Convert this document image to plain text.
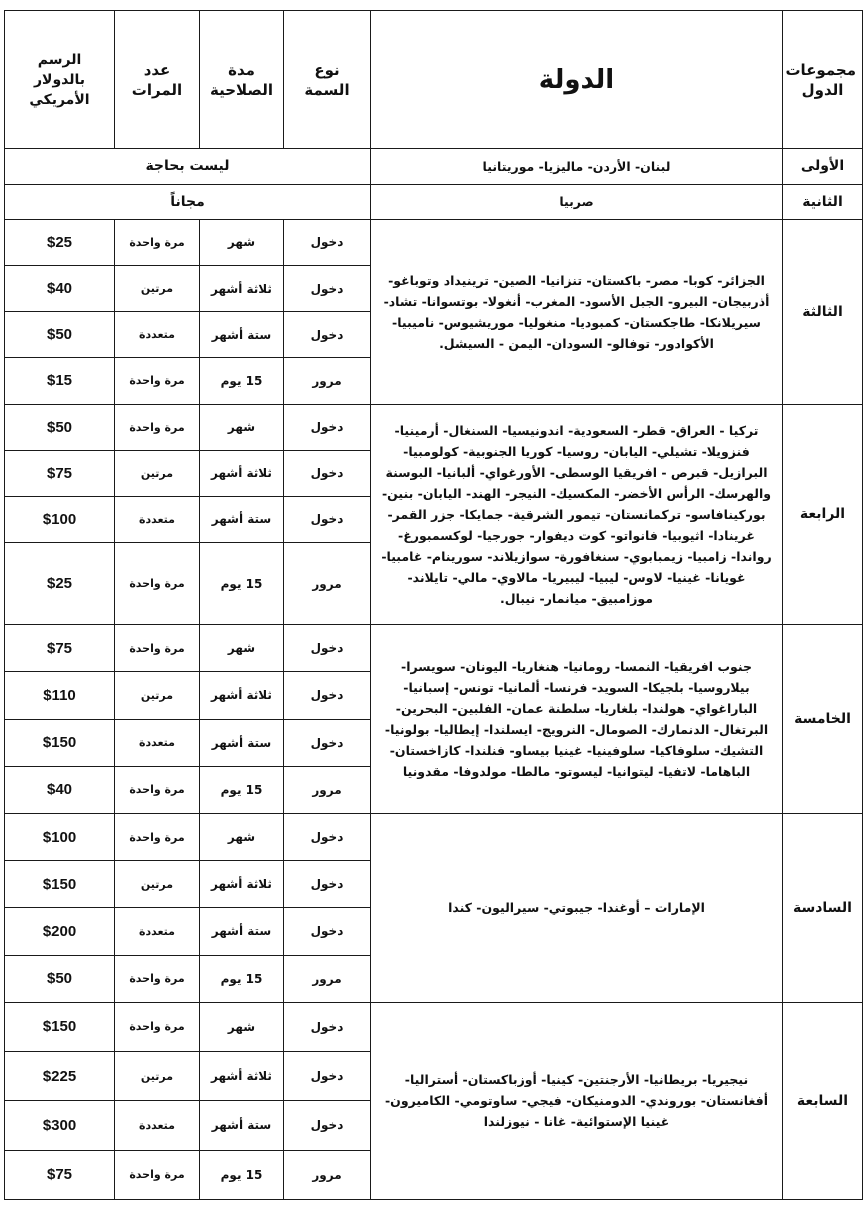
مجموعات الدول	الدولة	نوع السمة	مدة الصلاحية	عدد المرات	الرسم بالدولار الأمريكي
الأولى	لبنان- الأردن- ماليزيا- موريتانيا	ليست بحاجة			
الثانية	صربيا	مجاناً			
الثالثة	الجزائر- كوبا- مصر- باكستان- تنزانيا- الصين- ترينيداد وتوباغو- أذربيجان- البيرو- الجبل الأسود- المغرب- أنغولا- بوتسوانا- تشاد- سيريلانكا- طاجكستان- كمبوديا- منغوليا- موريشيوس- ناميبيا- الأكوادور- توفالو- السودان- اليمن - السيشل.	دخول	شهر	مرة واحدة	$25
		دخول	ثلاثة أشهر	مرتين	$40
		دخول	ستة أشهر	متعددة	$50
		مرور	15 يوم	مرة واحدة	$15
الرابعة	تركيا - العراق- قطر- السعودية- اندونيسيا- السنغال- أرمينيا- فنزويلا- تشيلي- اليابان- روسيا- كوريا الجنوبية- كولومبيا- البرازيل- قبرص - افريقيا الوسطى- الأورغواي- ألبانيا- البوسنة والهرسك- الرأس الأخضر- المكسيك- النيجر- الهند- اليابان- بنين- بوركينافاسو- تركمانستان- تيمور الشرقية- جمايكا- جزر القمر- غرينادا- اثيوبيا- فانواتو- كوت ديفوار- جورجيا- لوكسمبورغ- رواندا- زامبيا- زيمبابوي- سنغافورة- سوازيلاند- سورينام- غامبيا- غويانا- غينيا- لاوس- ليبيا- ليبيريا- مالاوي- مالي- تايلاند- موزامبيق- ميانمار- نيبال.	دخول	شهر	مرة واحدة	$50
		دخول	ثلاثة أشهر	مرتين	$75
		دخول	ستة أشهر	متعددة	$100
		مرور	15 يوم	مرة واحدة	$25
الخامسة	جنوب افريقيا- النمسا- رومانيا- هنغاريا- اليونان- سويسرا- بيلاروسيا- بلجيكا- السويد- فرنسا- ألمانيا- تونس- إسبانيا- الباراغواي- هولندا- بلغاريا- سلطنة عمان- الفلبين- البحرين- البرتغال- الدنمارك- الصومال- النرويج- ايسلندا- إيطاليا- بولونيا- التشيك- سلوفاكيا- سلوفينيا- غينيا بيساو- فنلندا- كازاخستان- الباهاما- لاتفيا- ليتوانيا- ليسوتو- مالطا- مولدوفا- مقدونيا	دخول	شهر	مرة واحدة	$75
		دخول	ثلاثة أشهر	مرتين	$110
		دخول	ستة أشهر	متعددة	$150
		مرور	15 يوم	مرة واحدة	$40
السادسة	الإمارات – أوغندا- جيبوتي- سيراليون- كندا	دخول	شهر	مرة واحدة	$100
		دخول	ثلاثة أشهر	مرتين	$150
		دخول	ستة أشهر	متعددة	$200
		مرور	15 يوم	مرة واحدة	$50
السابعة	نيجيريا- بريطانيا- الأرجنتين- كينيا- أوزباكستان- أستراليا- أفغانستان- بوروندي- الدومنيكان- فيجي- ساوتومي- الكاميرون- غينيا الإستوائية- غانا - نيوزلندا	دخول	شهر	مرة واحدة	$150
		دخول	ثلاثة أشهر	مرتين	$225
		دخول	ستة أشهر	متعددة	$300
		مرور	15 يوم	مرة واحدة	$75
